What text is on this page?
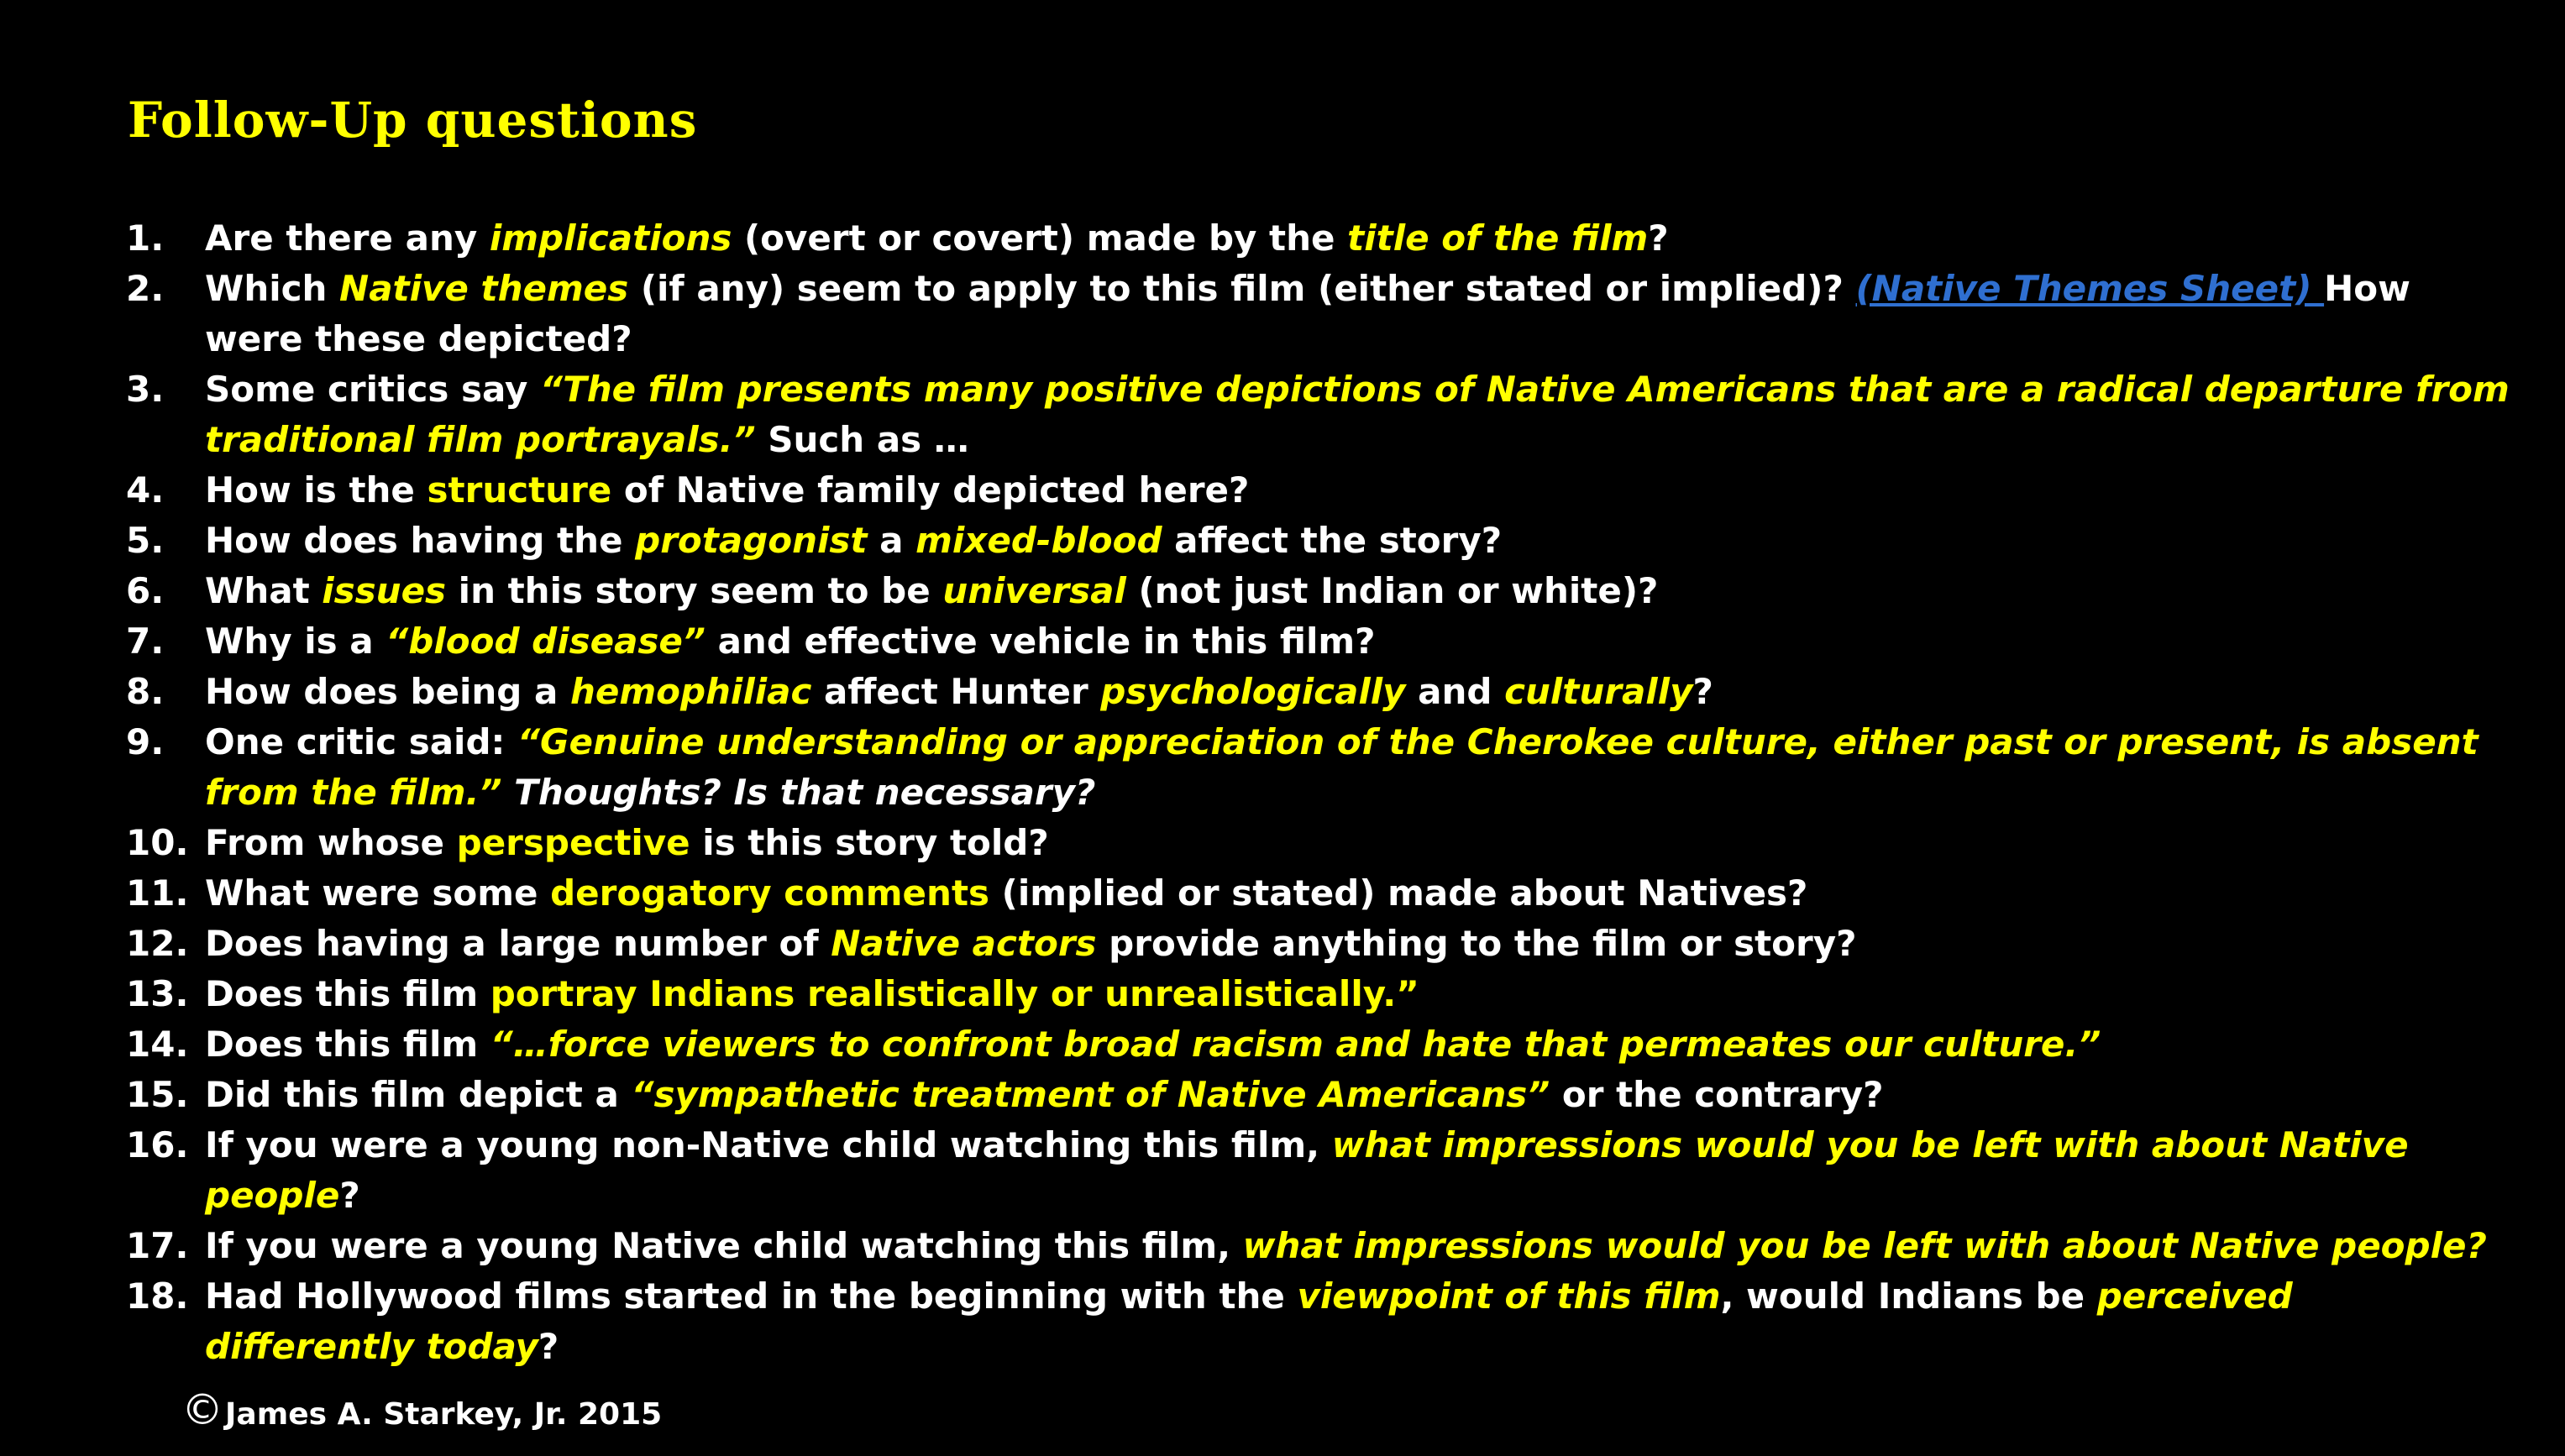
Follow-Up questions
1.	Are there any implications (overt or covert) made by the title of the film?
2.	Which Native themes (if any) seem to apply to this film (either stated or implied)? (Native Themes Sheet) How were these depicted?
3.	Some critics say “The film presents many positive depictions of Native Americans that are a radical departure from traditional film portrayals.” Such as …
4.	How is the structure of Native family depicted here?
5.	How does having the protagonist a mixed-blood affect the story?
6.	What issues in this story seem to be universal (not just Indian or white)?
7.	Why is a “blood disease” and effective vehicle in this film?
8.	How does being a hemophiliac affect Hunter psychologically and culturally?
9.	One critic said: “Genuine understanding or appreciation of the Cherokee culture, either past or present, is absent from the film.” Thoughts? Is that necessary?
10. From whose perspective is this story told?
11. What were some derogatory comments (implied or stated) made about Natives?
12. Does having a large number of Native actors provide anything to the film or story?
13. Does this film portray Indians realistically or unrealistically.”
14. Does this film “…force viewers to confront broad racism and hate that permeates our culture.”
15. Did this film depict a “sympathetic treatment of Native Americans” or the contrary?
16. If you were a young non-Native child watching this film, what impressions would you be left with about Native people?
17. If you were a young Native child watching this film, what impressions would you be left with about Native people?
18. Had Hollywood films started in the beginning with the viewpoint of this film, would Indians be perceived differently today?
© James A. Starkey, Jr. 2015
